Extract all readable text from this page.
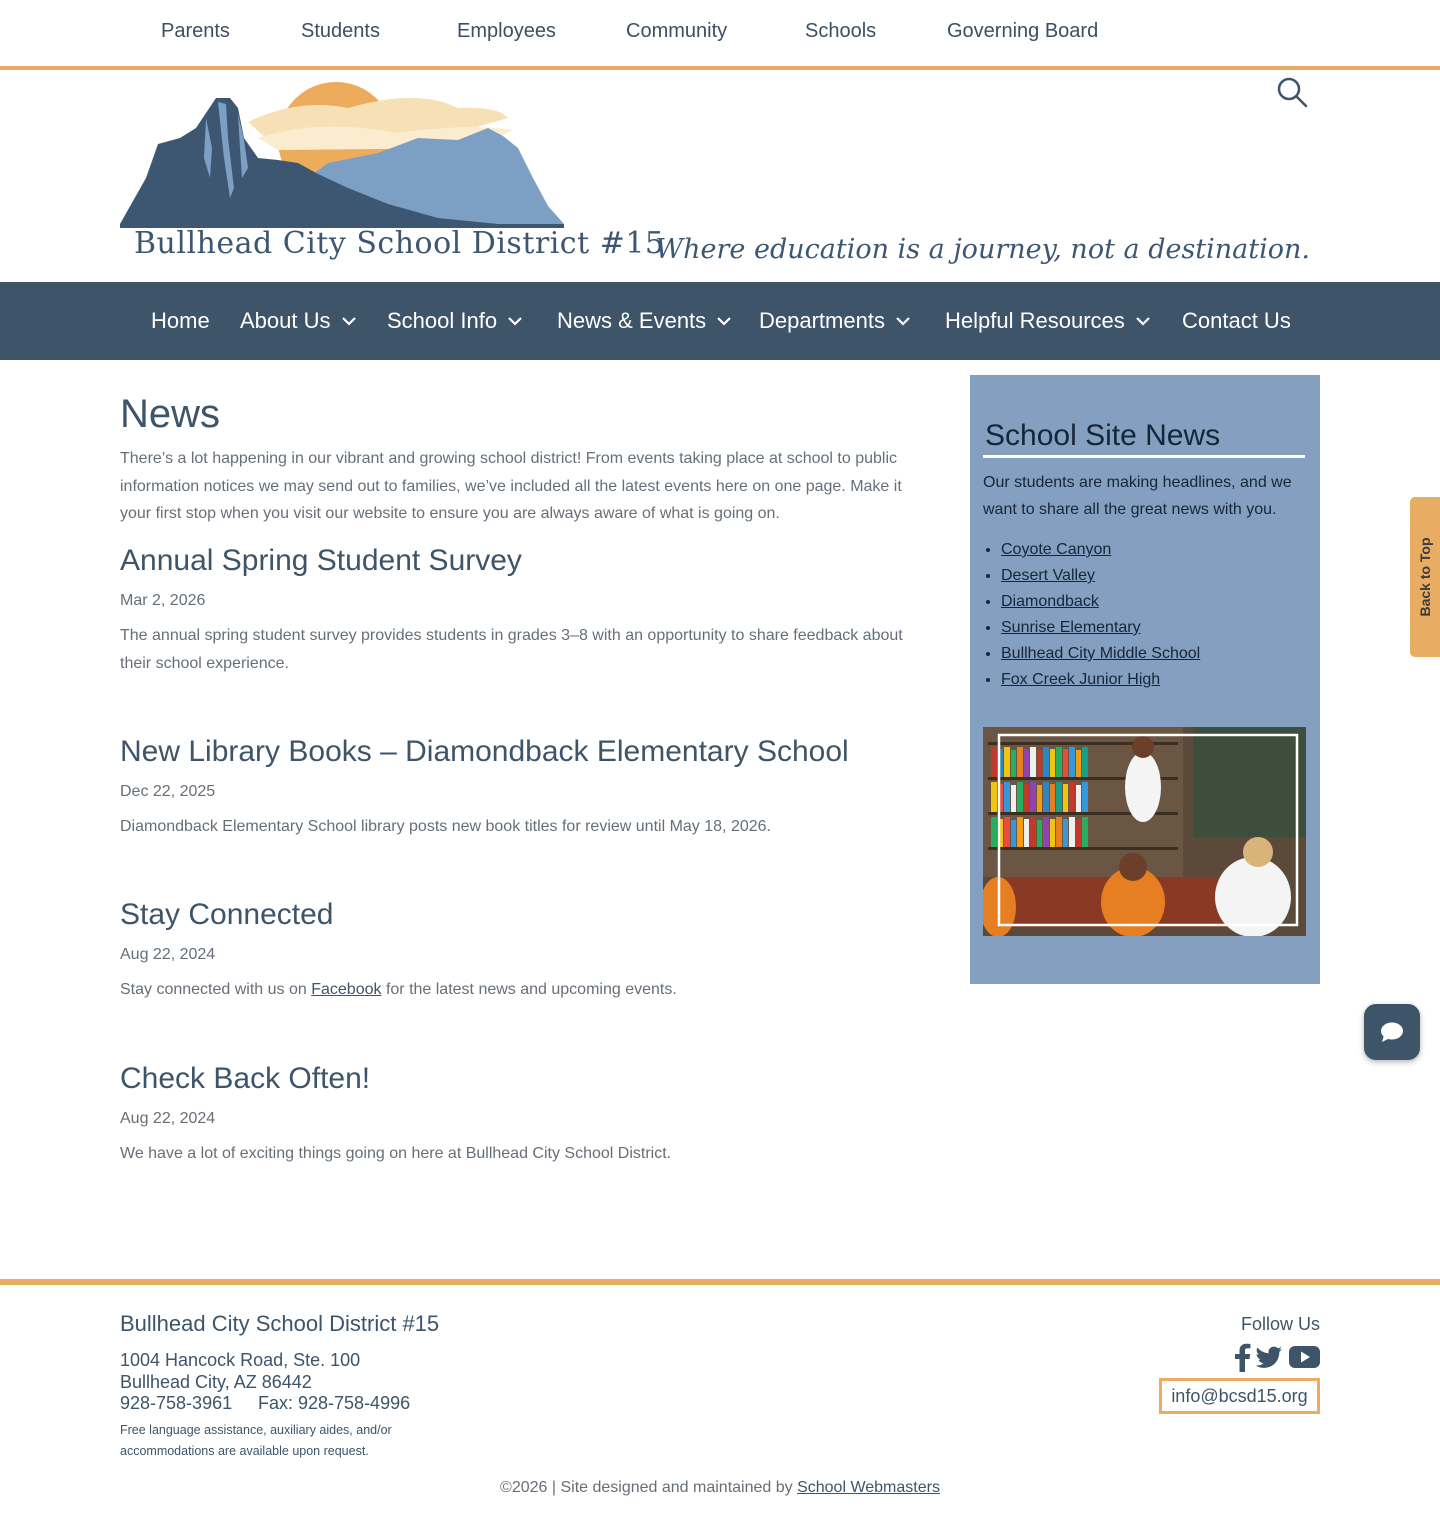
Parents	Students	Employees	Community	Schools	Governing Board
Bullhead City School District #15
Where education is a journey, not a destination.
Home About Us	School Info	News & Events Departments	Helpful Resources	Contact Us
News

There’s a lot happening in our vibrant and growing school district! From events taking place at school to public information notices we may send out to families, we’ve included all the latest events here on one page. Make it your first stop when you visit our website to ensure you are always aware of what is going on.

Annual Spring Student Survey
Mar 2, 2026

The annual spring student survey provides students in grades 3–8 with an opportunity to share feedback about their school experience.

New Library Books – Diamondback Elementary School
Dec 22, 2025

Diamondback Elementary School library posts new book titles for review until May 18, 2026.

Stay Connected
Aug 22, 2024

Stay connected with us on Facebook for the latest news and upcoming events.

Check Back Often!
Aug 22, 2024

We have a lot of exciting things going on here at Bullhead City School District.

School Site News

Our students are making headlines, and we want to share all the great news with you.

• Coyote Canyon
• Desert Valley
• Diamondback
• Sunrise Elementary
• Bullhead City Middle School
• Fox Creek Junior High
Back to Top
Bullhead City School District #15
1004 Hancock Road, Ste. 100
Bullhead City, AZ 86442
928-758-3961 Fax: 928-758-4996

Free language assistance, auxiliary aides, and/or accommodations are available upon request.

Follow Us
info@bcsd15.org
©2026 | Site designed and maintained by School Webmasters
